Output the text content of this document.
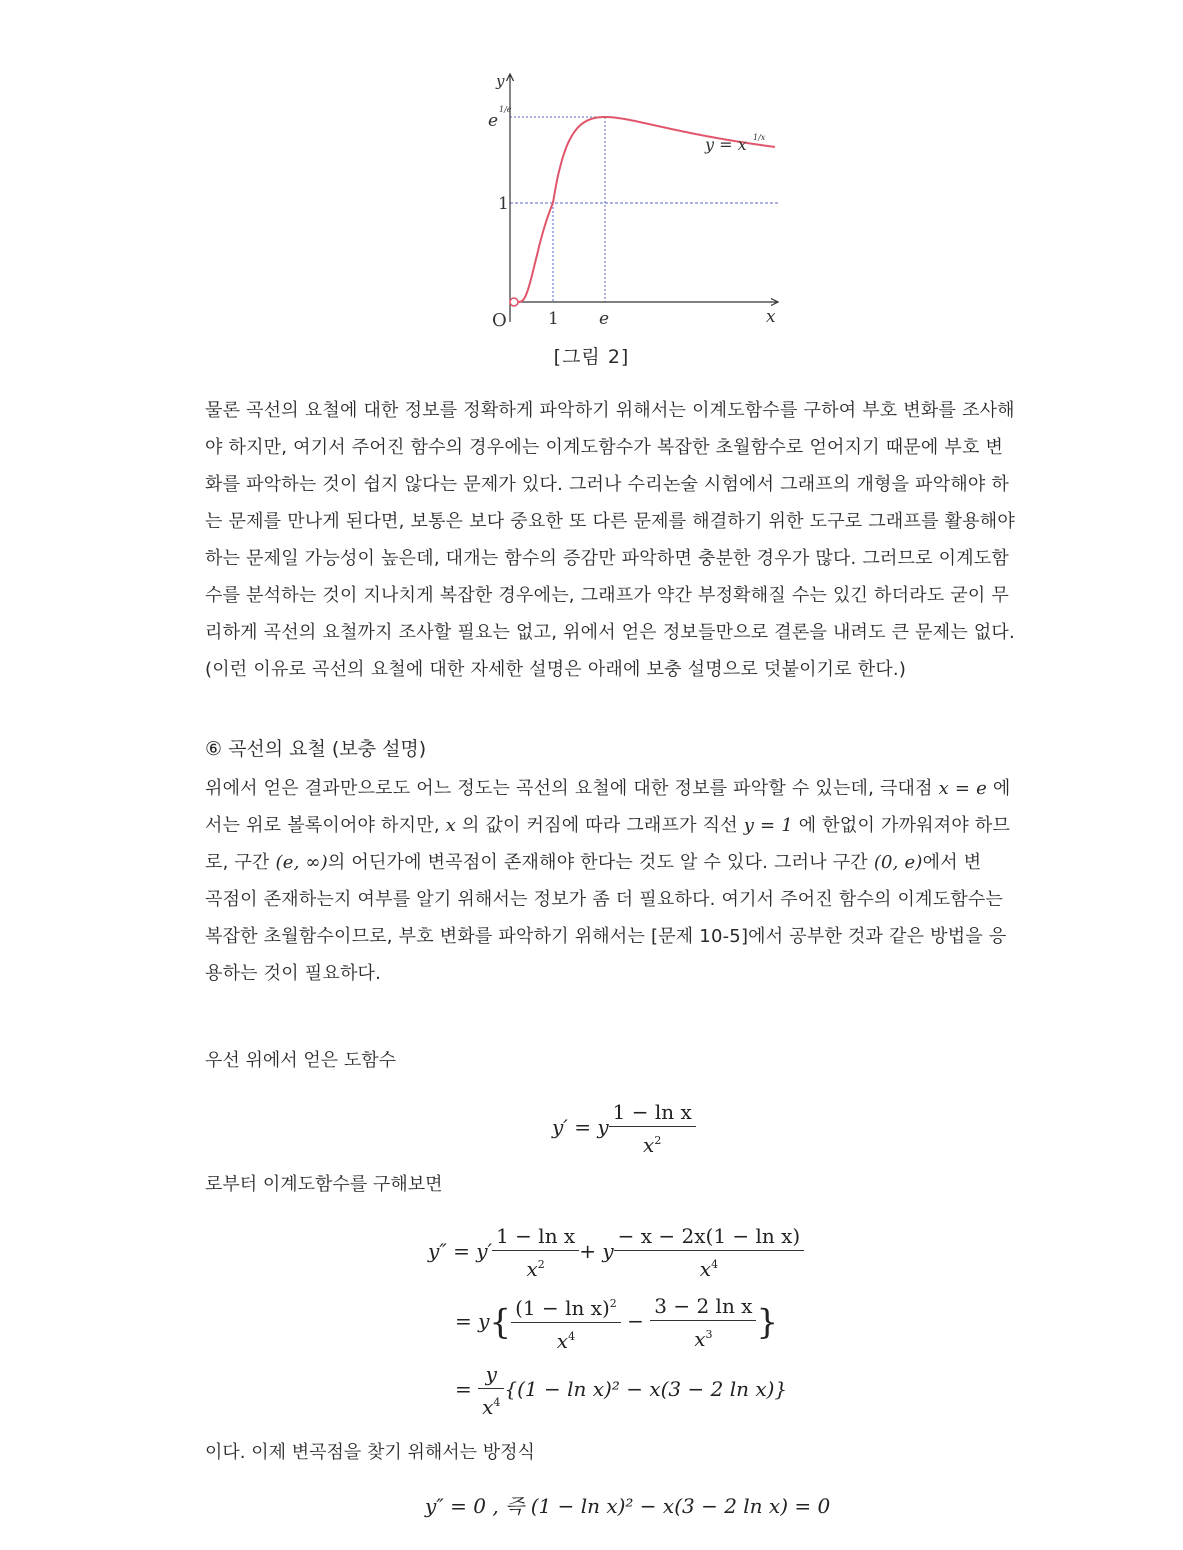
y
x
O 1 e
1
e
1/e
y = x 1/x
[그림 2]

물론 곡선의 요철에 대한 정보를 정확하게 파악하기 위해서는 이계도함수를 구하여 부호 변화를 조사해
야 하지만, 여기서 주어진 함수의 경우에는 이계도함수가 복잡한 초월함수로 얻어지기 때문에 부호 변
화를 파악하는 것이 쉽지 않다는 문제가 있다. 그러나 수리논술 시험에서 그래프의 개형을 파악해야 하
는 문제를 만나게 된다면, 보통은 보다 중요한 또 다른 문제를 해결하기 위한 도구로 그래프를 활용해야
하는 문제일 가능성이 높은데, 대개는 함수의 증감만 파악하면 충분한 경우가 많다. 그러므로 이계도함
수를 분석하는 것이 지나치게 복잡한 경우에는, 그래프가 약간 부정확해질 수는 있긴 하더라도 굳이 무
리하게 곡선의 요철까지 조사할 필요는 없고, 위에서 얻은 정보들만으로 결론을 내려도 큰 문제는 없다.
(이런 이유로 곡선의 요철에 대한 자세한 설명은 아래에 보충 설명으로 덧붙이기로 한다.)

⑥ 곡선의 요철 (보충 설명)

위에서 얻은 결과만으로도 어느 정도는 곡선의 요철에 대한 정보를 파악할 수 있는데, 극대점 x = e 에
서는 위로 볼록이어야 하지만, x 의 값이 커짐에 따라 그래프가 직선 y = 1 에 한없이 가까워져야 하므
로, 구간 (e, ∞)의 어딘가에 변곡점이 존재해야 한다는 것도 알 수 있다. 그러나 구간 (0, e)에서 변
곡점이 존재하는지 여부를 알기 위해서는 정보가 좀 더 필요하다. 여기서 주어진 함수의 이계도함수는
복잡한 초월함수이므로, 부호 변화를 파악하기 위해서는 [문제 10-5]에서 공부한 것과 같은 방법을 응
용하는 것이 필요하다.

우선 위에서 얻은 도함수

y′ = y $\frac{\text{1 − ln x}}{x^2}$

로부터 이계도함수를 구해보면

$y'' = y' \frac{\text{1 − ln x}}{x^2} + y \frac{\text{− x − 2x(1 − ln x)}}{x^4}$
= $y\{ \frac{(1 - \ln x)^2}{x^4} - \frac{\text{3 − 2 ln x}}{x^3}$ }
= $\frac{y}{x^4} \{(1 - \ln x)^2 - x(3 - 2$ ln x)}

이다. 이제 변곡점을 찾기 위해서는 방정식

y″ = 0 , 즉 (1 − ln x)² − x(3 − 2 ln x) = 0
